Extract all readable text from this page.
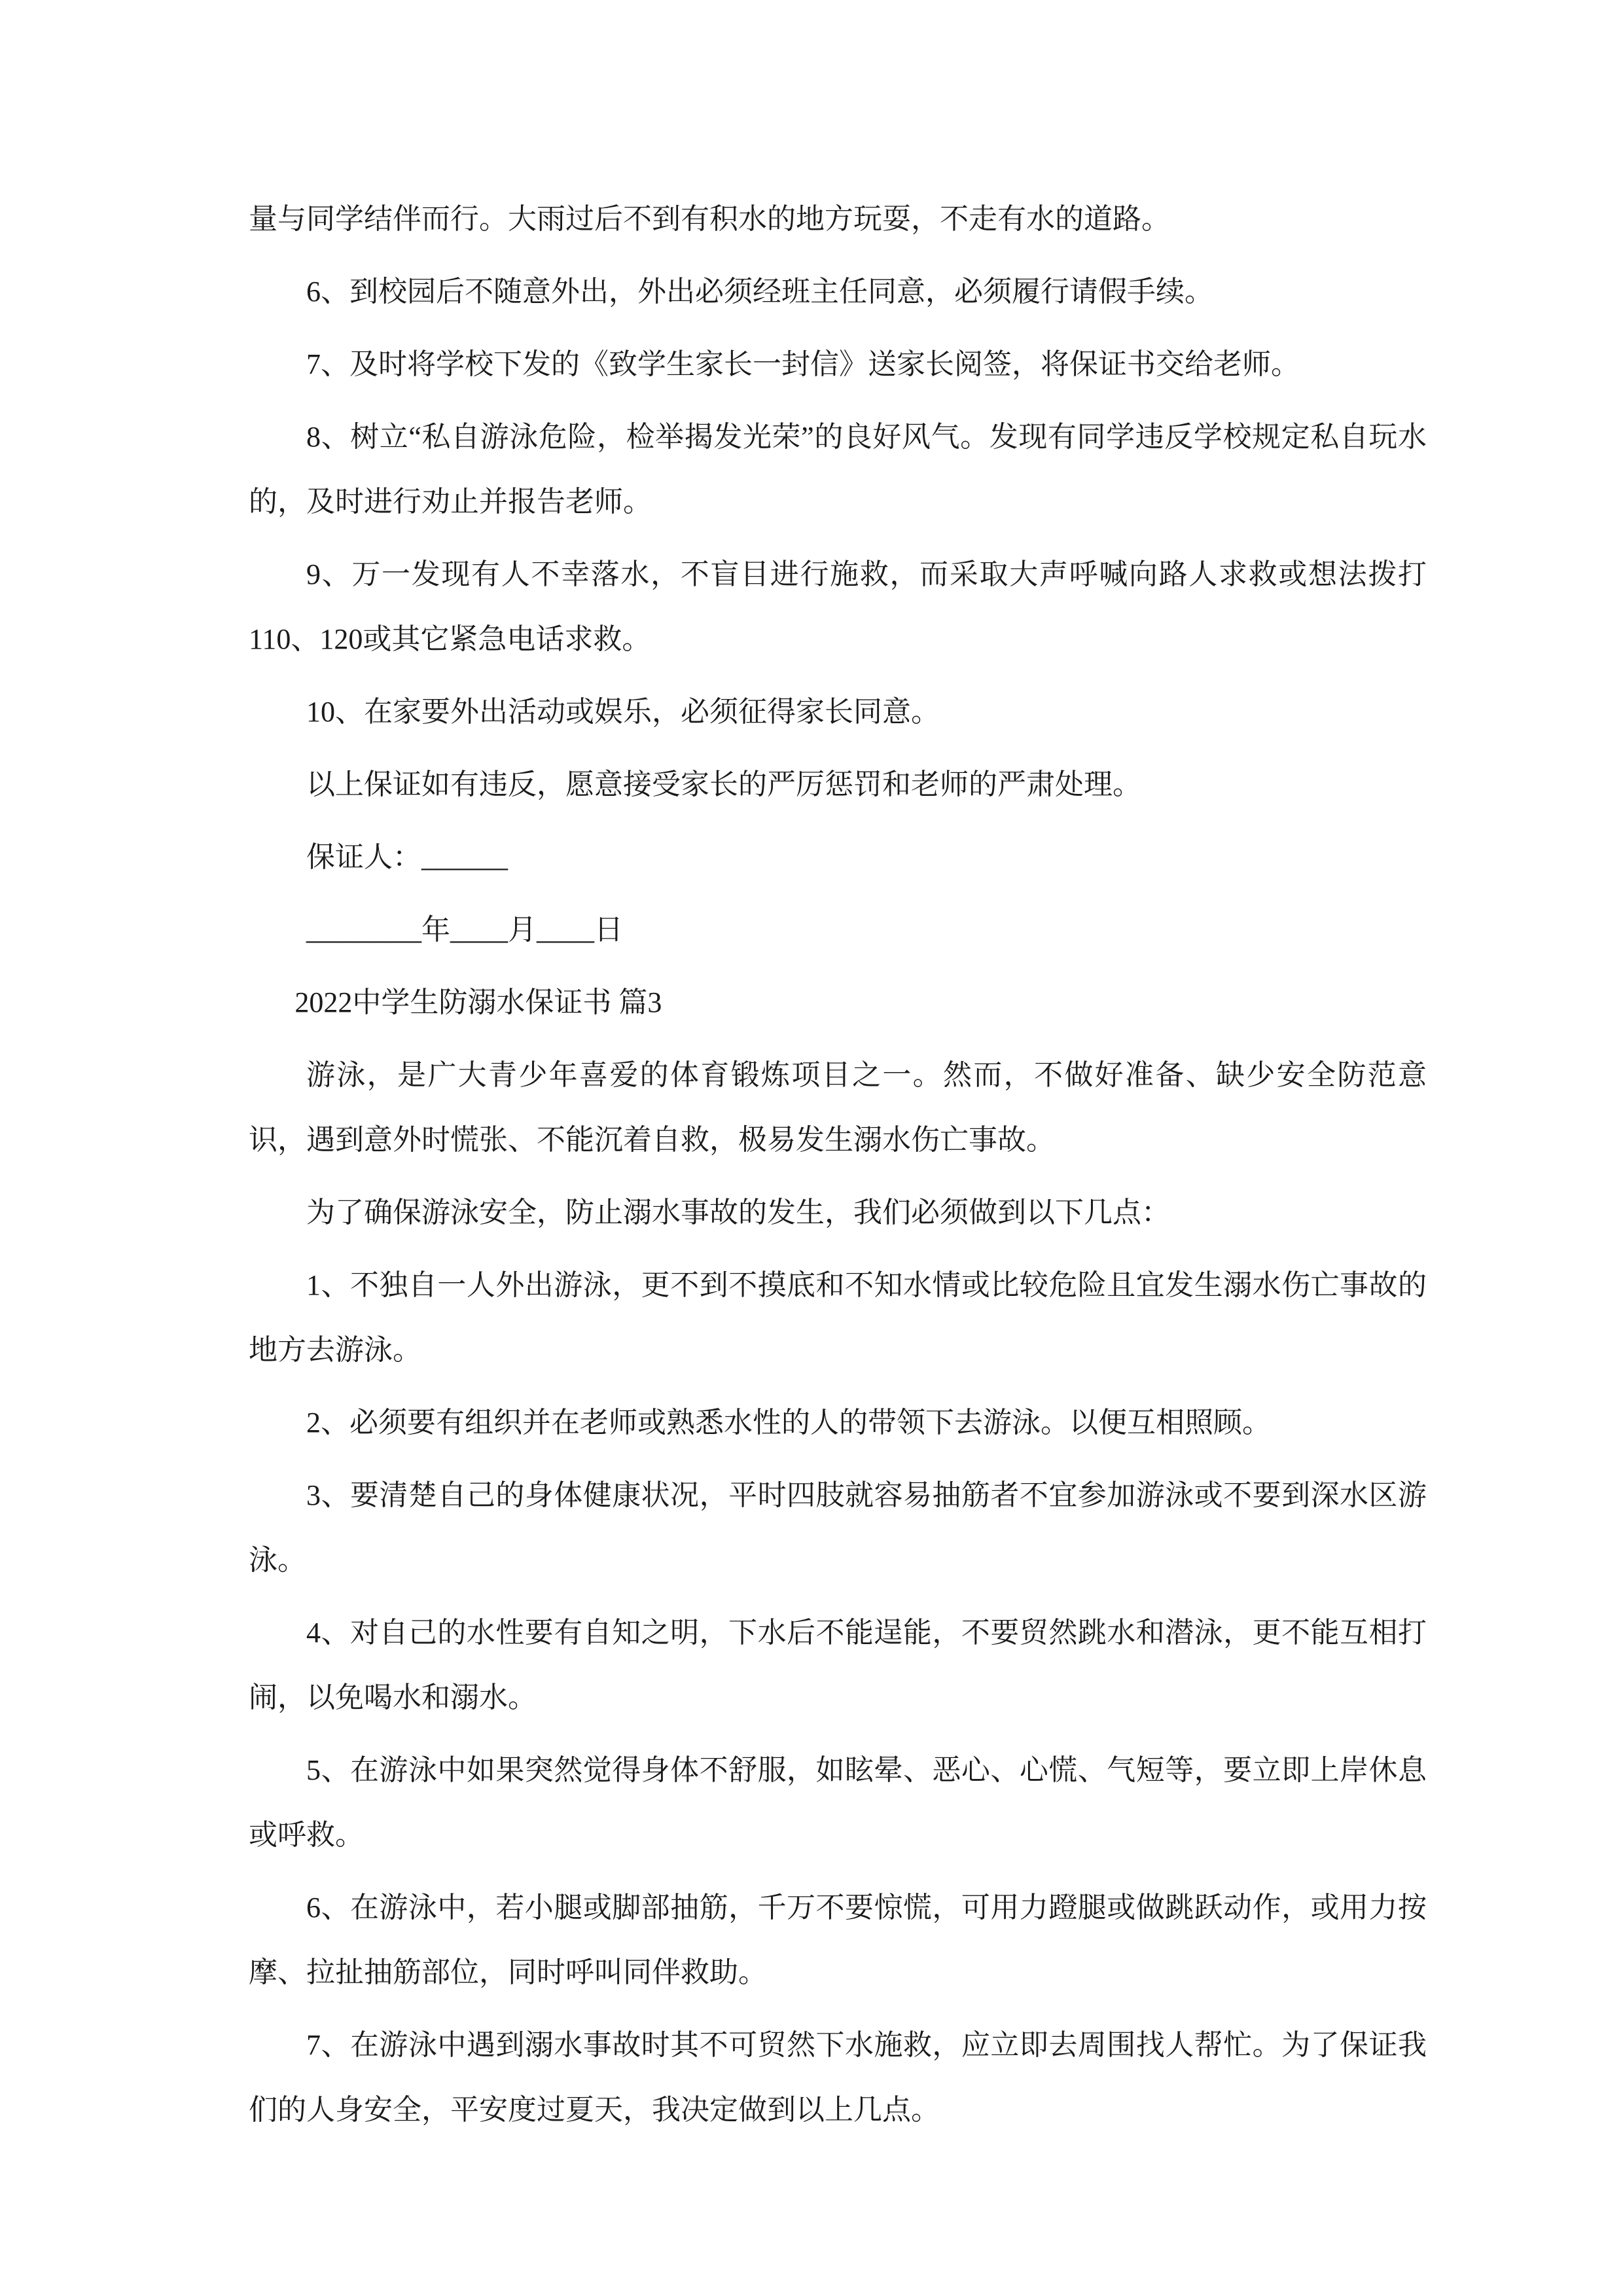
量与同学结伴而行。大雨过后不到有积水的地方玩耍，不走有水的道路。

6、到校园后不随意外出，外出必须经班主任同意，必须履行请假手续。

7、及时将学校下发的《致学生家长一封信》送家长阅签，将保证书交给老师。

8、树立“私自游泳危险，检举揭发光荣”的良好风气。发现有同学违反学校规定私自玩水的，及时进行劝止并报告老师。

9、万一发现有人不幸落水，不盲目进行施救，而采取大声呼喊向路人求救或想法拨打110、120或其它紧急电话求救。

10、在家要外出活动或娱乐，必须征得家长同意。

以上保证如有违反，愿意接受家长的严厉惩罚和老师的严肃处理。

保证人：______

________年____月____日

2022中学生防溺水保证书 篇3

游泳，是广大青少年喜爱的体育锻炼项目之一。然而，不做好准备、缺少安全防范意识，遇到意外时慌张、不能沉着自救，极易发生溺水伤亡事故。

为了确保游泳安全，防止溺水事故的发生，我们必须做到以下几点：

1、不独自一人外出游泳，更不到不摸底和不知水情或比较危险且宜发生溺水伤亡事故的地方去游泳。

2、必须要有组织并在老师或熟悉水性的人的带领下去游泳。以便互相照顾。

3、要清楚自己的身体健康状况，平时四肢就容易抽筋者不宜参加游泳或不要到深水区游泳。

4、对自己的水性要有自知之明，下水后不能逞能，不要贸然跳水和潜泳，更不能互相打闹，以免喝水和溺水。

5、在游泳中如果突然觉得身体不舒服，如眩晕、恶心、心慌、气短等，要立即上岸休息或呼救。

6、在游泳中，若小腿或脚部抽筋，千万不要惊慌，可用力蹬腿或做跳跃动作，或用力按摩、拉扯抽筋部位，同时呼叫同伴救助。

7、在游泳中遇到溺水事故时其不可贸然下水施救，应立即去周围找人帮忙。为了保证我们的人身安全，平安度过夏天，我决定做到以上几点。
